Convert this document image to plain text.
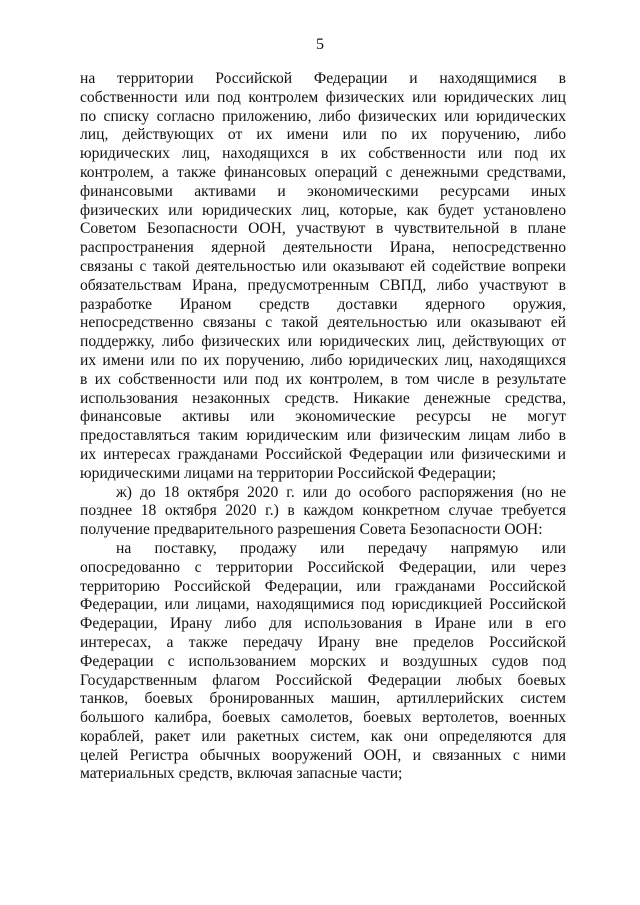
5
на территории Российской Федерации и находящимися в
собственности или под контролем физических или юридических лиц
по списку согласно приложению, либо физических или юридических
лиц, действующих от их имени или по их поручению, либо
юридических лиц, находящихся в их собственности или под их
контролем, а также финансовых операций с денежными средствами,
финансовыми активами и экономическими ресурсами иных
физических или юридических лиц, которые, как будет установлено
Советом Безопасности ООН, участвуют в чувствительной в плане
распространения ядерной деятельности Ирана, непосредственно
связаны с такой деятельностью или оказывают ей содействие вопреки
обязательствам Ирана, предусмотренным СВПД, либо участвуют в
разработке Ираном средств доставки ядерного оружия,
непосредственно связаны с такой деятельностью или оказывают ей
поддержку, либо физических или юридических лиц, действующих от
их имени или по их поручению, либо юридических лиц, находящихся
в их собственности или под их контролем, в том числе в результате
использования незаконных средств. Никакие денежные средства,
финансовые активы или экономические ресурсы не могут
предоставляться таким юридическим или физическим лицам либо в
их интересах гражданами Российской Федерации или физическими и
юридическими лицами на территории Российской Федерации;
ж) до 18 октября 2020 г. или до особого распоряжения (но не
позднее 18 октября 2020 г.) в каждом конкретном случае требуется
получение предварительного разрешения Совета Безопасности ООН:
на поставку, продажу или передачу напрямую или
опосредованно с территории Российской Федерации, или через
территорию Российской Федерации, или гражданами Российской
Федерации, или лицами, находящимися под юрисдикцией Российской
Федерации, Ирану либо для использования в Иране или в его
интересах, а также передачу Ирану вне пределов Российской
Федерации с использованием морских и воздушных судов под
Государственным флагом Российской Федерации любых боевых
танков, боевых бронированных машин, артиллерийских систем
большого калибра, боевых самолетов, боевых вертолетов, военных
кораблей, ракет или ракетных систем, как они определяются для
целей Регистра обычных вооружений ООН, и связанных с ними
материальных средств, включая запасные части;
